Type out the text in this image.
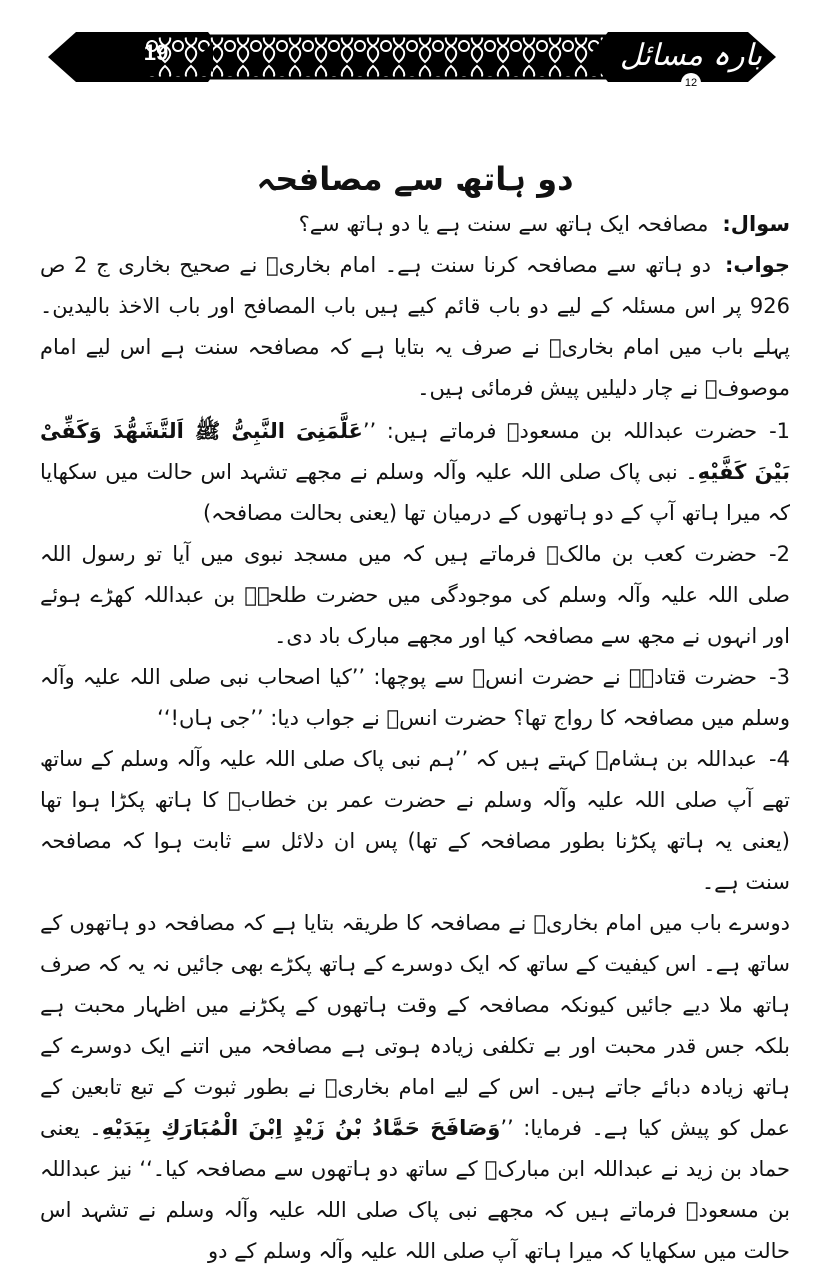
19	بارہ مسائل 12
دو ہاتھ سے مصافحہ

سوال:مصافحہ ایک ہاتھ سے سنت ہے یا دو ہاتھ سے؟

جواب:دو ہاتھ سے مصافحہ کرنا سنت ہے۔ امام بخاریؒ نے صحیح بخاری ج 2 ص 926 پر اس مسئلہ کے لیے دو باب قائم کیے ہیں باب المصافح اور باب الاخذ بالیدین۔ پہلے باب میں امام بخاریؒ نے صرف یہ بتایا ہے کہ مصافحہ سنت ہے اس لیے امام موصوفؒ نے چار دلیلیں پیش فرمائی ہیں۔

1-حضرت عبداللہ بن مسعودؓ فرماتے ہیں: ’’عَلَّمَنِیَ النَّبِیُّ ﷺ اَلتَّشَهُّدَ وَكَفِّیْ بَیْنَ كَفَّیْهِ۔ نبی پاک صلی اللہ علیہ وآلہ وسلم نے مجھے تشہد اس حالت میں سکھایا کہ میرا ہاتھ آپ کے دو ہاتھوں کے درمیان تھا (یعنی بحالت مصافحہ)

2-حضرت کعب بن مالکؓ فرماتے ہیں کہ میں مسجد نبوی میں آیا تو رسول اللہ صلی اللہ علیہ وآلہ وسلم کی موجودگی میں حضرت طلحہؓ بن عبداللہ کھڑے ہوئے اور انہوں نے مجھ سے مصافحہ کیا اور مجھے مبارک باد دی۔

3-حضرت قتادہؒ نے حضرت انسؓ سے پوچھا: ’’کیا اصحاب نبی صلی اللہ علیہ وآلہ وسلم میں مصافحہ کا رواج تھا؟ حضرت انسؓ نے جواب دیا: ’’جی ہاں!‘‘

4-عبداللہ بن ہشامؓ کہتے ہیں کہ ’’ہم نبی پاک صلی اللہ علیہ وآلہ وسلم کے ساتھ تھے آپ صلی اللہ علیہ وآلہ وسلم نے حضرت عمر بن خطابؓ کا ہاتھ پکڑا ہوا تھا (یعنی یہ ہاتھ پکڑنا بطور مصافحہ کے تھا) پس ان دلائل سے ثابت ہوا کہ مصافحہ سنت ہے۔

دوسرے باب میں امام بخاریؒ نے مصافحہ کا طریقہ بتایا ہے کہ مصافحہ دو ہاتھوں کے ساتھ ہے۔ اس کیفیت کے ساتھ کہ ایک دوسرے کے ہاتھ پکڑے بھی جائیں نہ یہ کہ صرف ہاتھ ملا دیے جائیں کیونکہ مصافحہ کے وقت ہاتھوں کے پکڑنے میں اظہار محبت ہے بلکہ جس قدر محبت اور بے تکلفی زیادہ ہوتی ہے مصافحہ میں اتنے ایک دوسرے کے ہاتھ زیادہ دبائے جاتے ہیں۔ اس کے لیے امام بخاریؒ نے بطور ثبوت کے تبع تابعین کے عمل کو پیش کیا ہے۔ فرمایا: ’’وَصَافَحَ حَمَّادُ بْنُ زَیْدٍ اِبْنَ الْمُبَارَكِ بِیَدَیْهِ۔ یعنی حماد بن زید نے عبداللہ ابن مبارکؒ کے ساتھ دو ہاتھوں سے مصافحہ کیا۔‘‘ نیز عبداللہ بن مسعودؓ فرماتے ہیں کہ مجھے نبی پاک صلی اللہ علیہ وآلہ وسلم نے تشہد اس حالت میں سکھایا کہ میرا ہاتھ آپ صلی اللہ علیہ وآلہ وسلم کے دو
